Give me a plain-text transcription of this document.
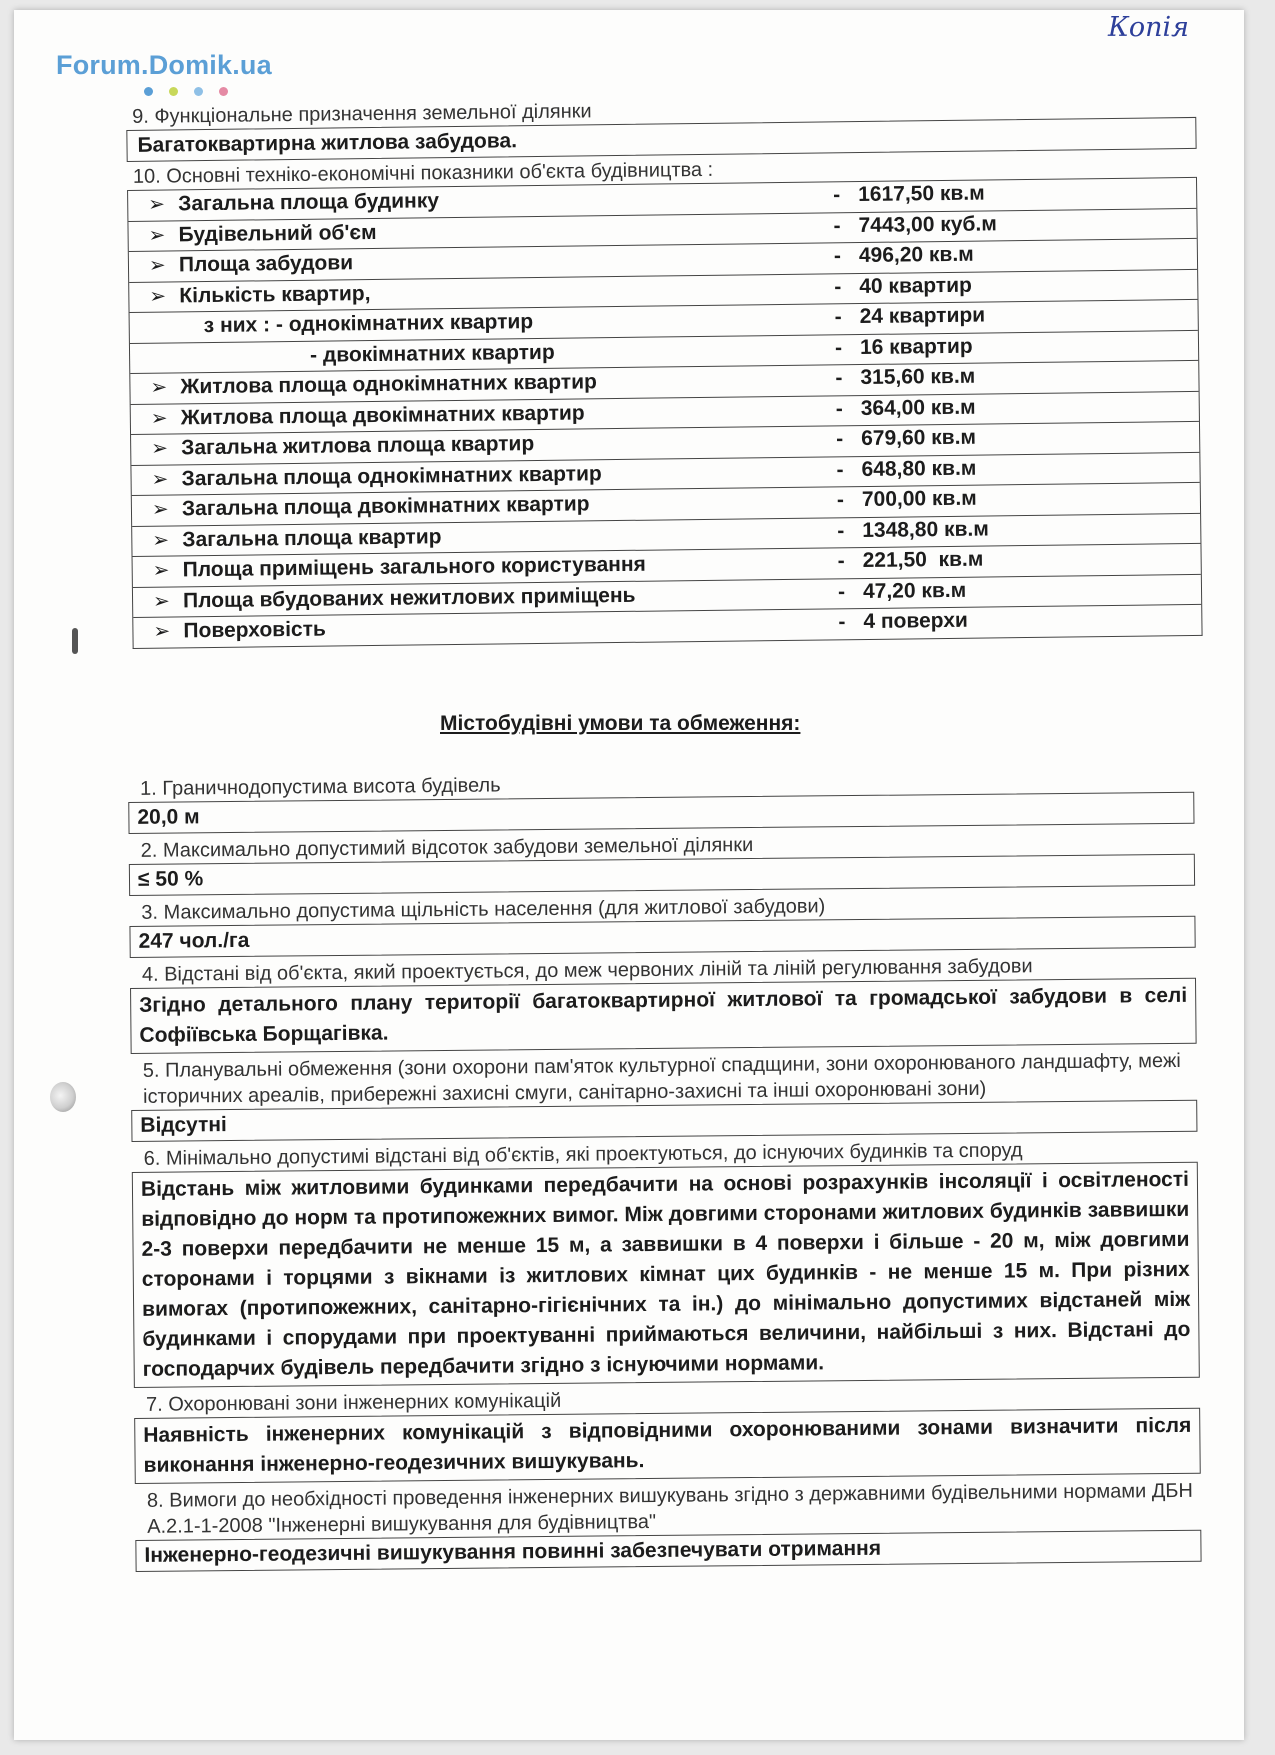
Forum.Domik.ua
Копія
9. Функціональне призначення земельної ділянки
Багатоквартирна житлова забудова.
10. Основні техніко-економічні показники об'єкта будівництва :
➢ Загальна площа будинку	- 1617,50 кв.м
➢ Будівельний об'єм	- 7443,00 куб.м
➢ Площа забудови	- 496,20 кв.м
➢ Кількість квартир,	- 40 квартир
з них : - однокімнатних квартир	- 24 квартири
- двокімнатних квартир	- 16 квартир
➢ Житлова площа однокімнатних квартир	- 315,60 кв.м
➢ Житлова площа двокімнатних квартир	- 364,00 кв.м
➢ Загальна житлова площа квартир	- 679,60 кв.м
➢ Загальна площа однокімнатних квартир	- 648,80 кв.м
➢ Загальна площа двокімнатних квартир	- 700,00 кв.м
➢ Загальна площа квартир	- 1348,80 кв.м
➢ Площа приміщень загального користування	- 221,50  кв.м
➢ Площа вбудованих нежитлових приміщень	- 47,20 кв.м
➢ Поверховість	- 4 поверхи
Містобудівні умови та обмеження:
1. Граничнодопустима висота будівель
20,0 м
2. Максимально допустимий відсоток забудови земельної ділянки
≤ 50 %
3. Максимально допустима щільність населення (для житлової забудови)
247 чол./га
4. Відстані від об'єкта, який проектується, до меж червоних ліній та ліній регулювання забудови
Згідно детального плану території багатоквартирної житлової та громадської забудови в селі Софіївська Борщагівка.
5. Планувальні обмеження (зони охорони пам'яток культурної спадщини, зони охоронюваного ландшафту, межі історичних ареалів, прибережні захисні смуги, санітарно-захисні та інші охоронювані зони)
Відсутні
6. Мінімально допустимі відстані від об'єктів, які проектуються, до існуючих будинків та споруд
Відстань між житловими будинками передбачити на основі розрахунків інсоляції і освітленості відповідно до норм та протипожежних вимог. Між довгими сторонами житлових будинків заввишки 2-3 поверхи передбачити не менше 15 м, а заввишки в 4 поверхи і більше - 20 м, між довгими сторонами і торцями з вікнами із житлових кімнат цих будинків - не менше 15 м. При різних вимогах (протипожежних, санітарно-гігієнічних та ін.) до мінімально допустимих відстаней між будинками і спорудами при проектуванні приймаються величини, найбільші з них. Відстані до господарчих будівель передбачити згідно з існуючими нормами.
7. Охоронювані зони інженерних комунікацій
Наявність інженерних комунікацій з відповідними охоронюваними зонами визначити після виконання інженерно-геодезичних вишукувань.
8. Вимоги до необхідності проведення інженерних вишукувань згідно з державними будівельними нормами ДБН А.2.1-1-2008 "Інженерні вишукування для будівництва"
Інженерно-геодезичні вишукування повинні забезпечувати отримання
